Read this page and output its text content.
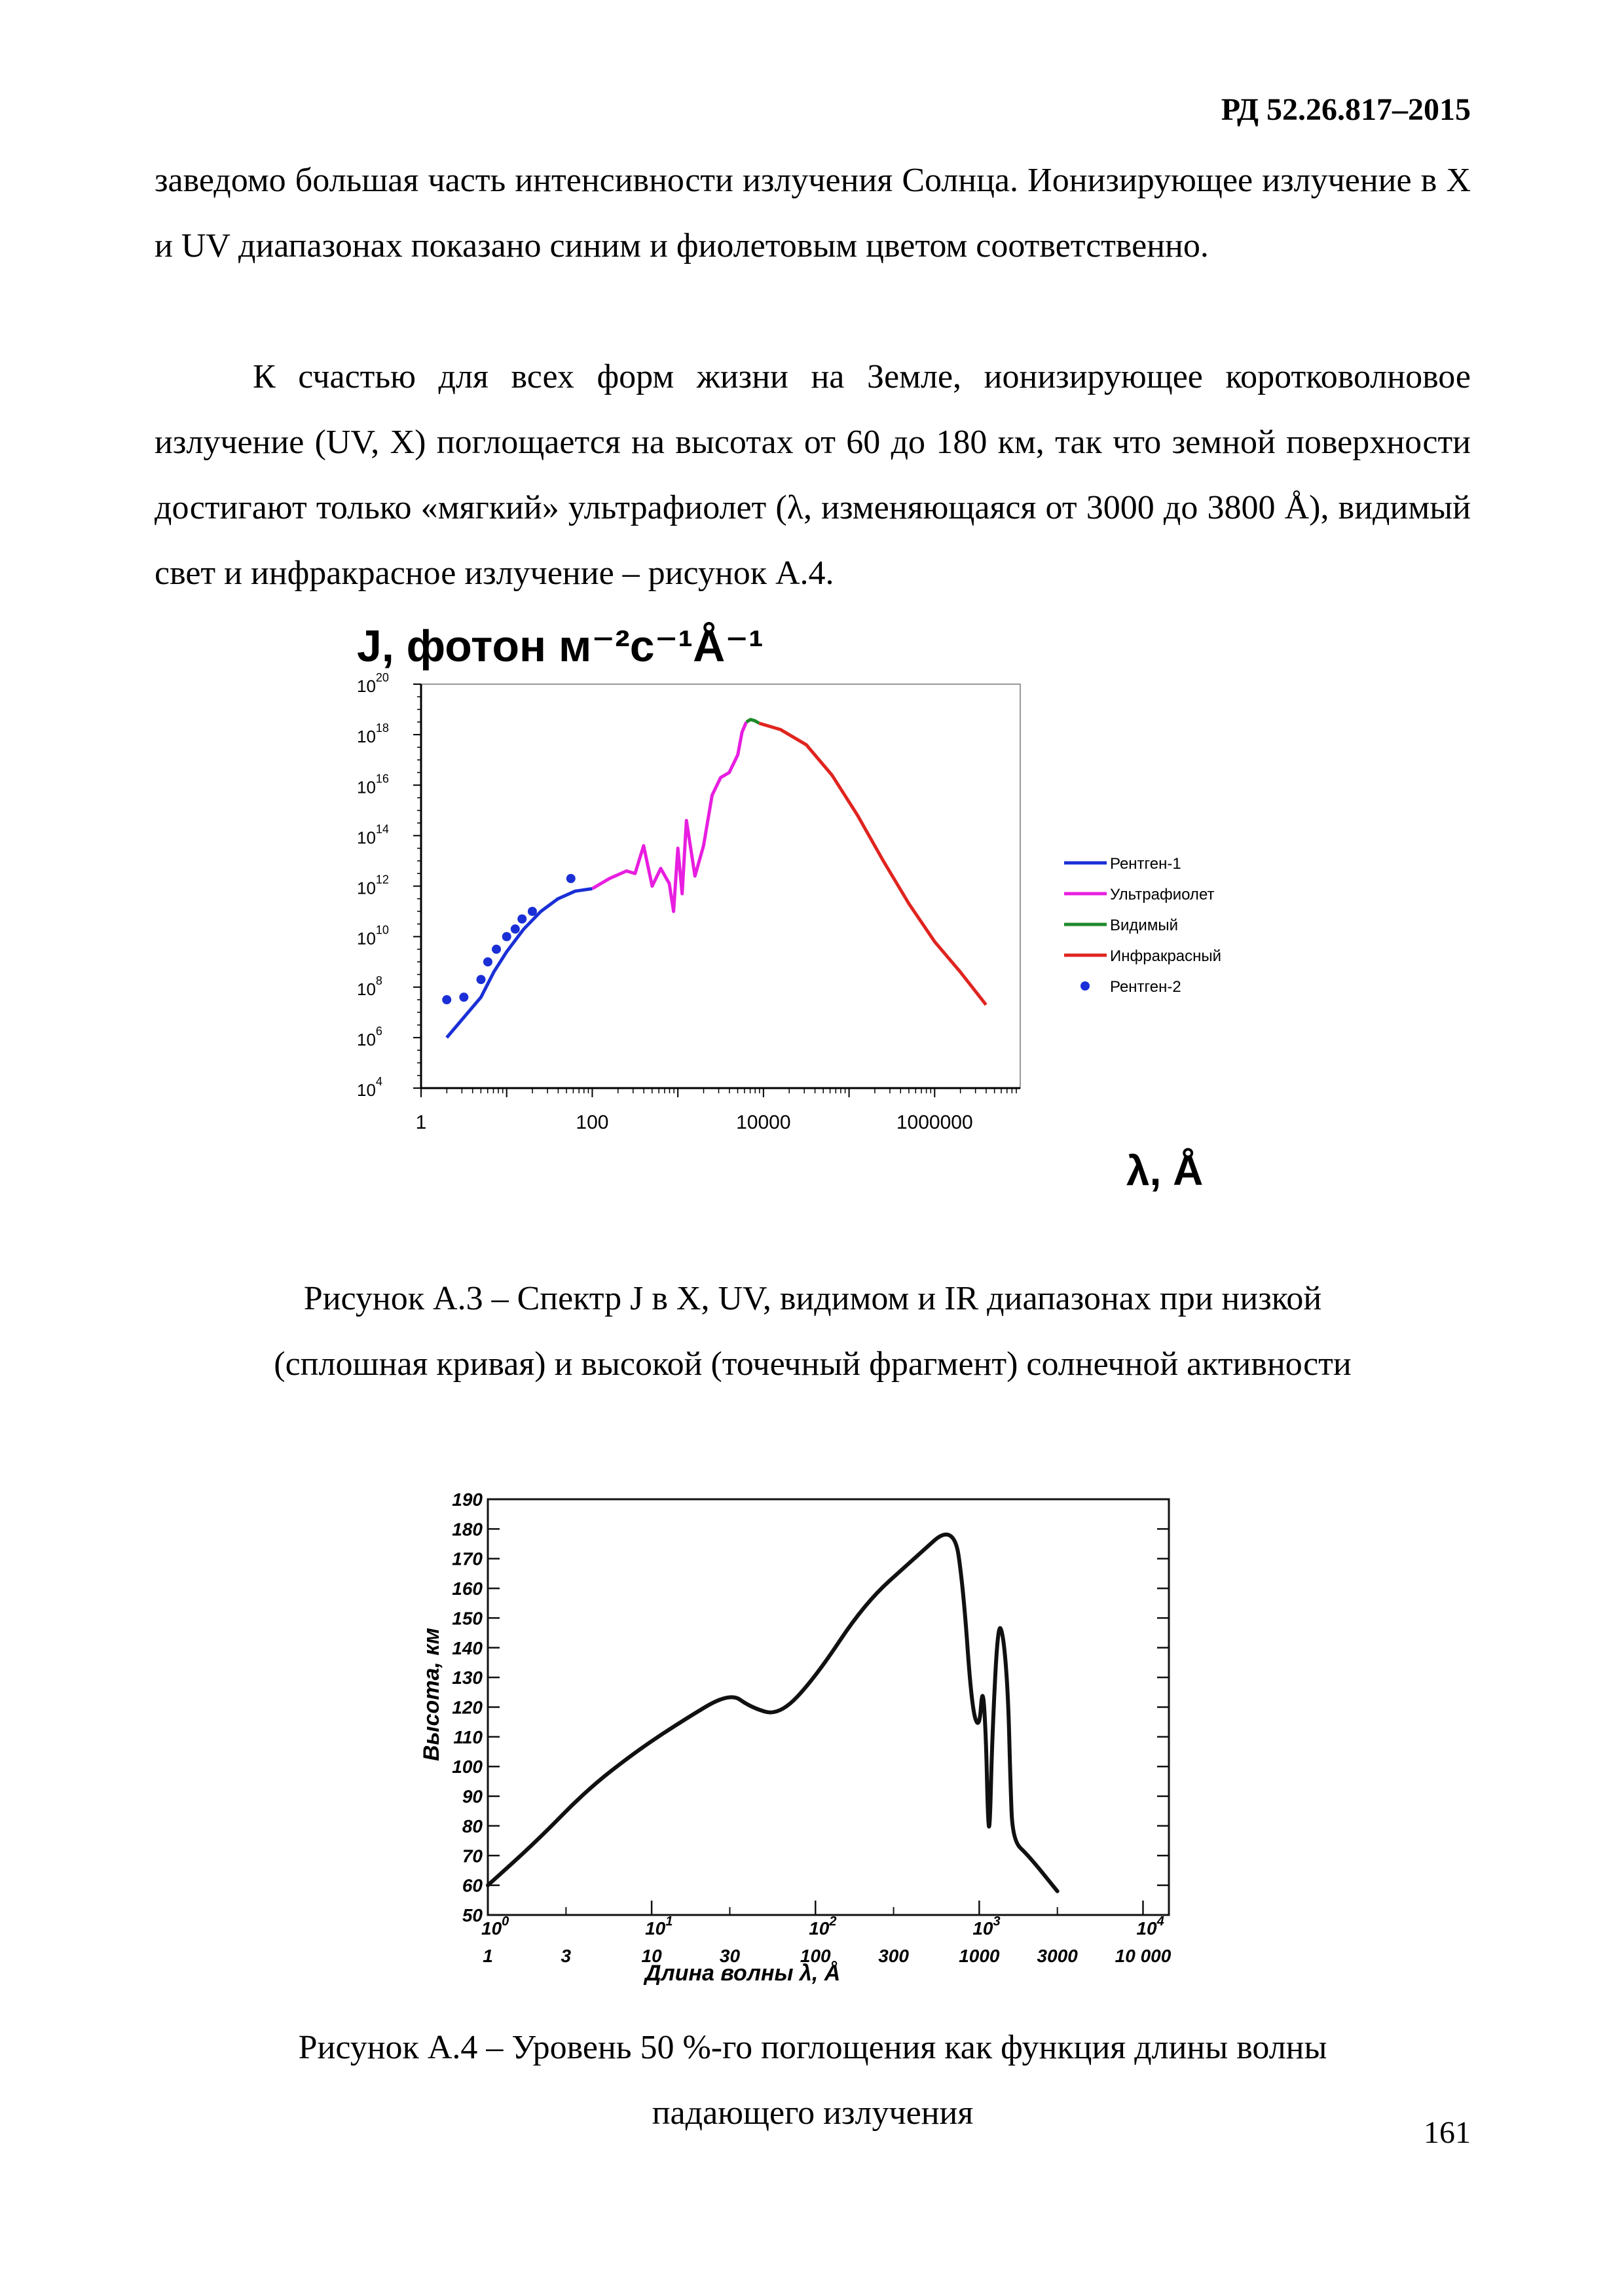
РД 52.26.817–2015

заведомо большая часть интенсивности излучения Солнца. Ионизирующее излучение в X и UV диапазонах показано синим и фиолетовым цветом соответственно.

К счастью для всех форм жизни на Земле, ионизирующее коротковолновое излучение (UV, X) поглощается на высотах от 60 до 180 км, так что земной поверхности достигают только «мягкий» ультрафиолет (λ, изменяющаяся от 3000 до 3800 Å), видимый свет и инфракрасное излучение – рисунок А.4.

J, фотон м⁻²с⁻¹Å⁻¹
$10^4$
$10^6$
$10^8$
$10^{10}$
$10^{12}$
$10^{14}$
$10^{16}$
$10^{18}$
$10^{20}$
1	100	10000	1000000
Рентген-1
Ультрафиолет
Видимый
Инфракрасный
Рентген-2
λ, Å
Рисунок А.3 – Спектр J в X, UV, видимом и IR диапазонах при низкой
(сплошная кривая) и высокой (точечный фрагмент) солнечной активности
60
70
80
90
100
110
120
130
140
150
160
170
180
190
50
$10^0$	$10^1$	$10^2$	$10^3$	$10^4$
1	3	10	30	100	300	1000 3000 10 000
Высота, км
Длина волны λ, Å
Рисунок А.4 – Уровень 50 %-го поглощения как функция длины волны
падающего излучения
161
